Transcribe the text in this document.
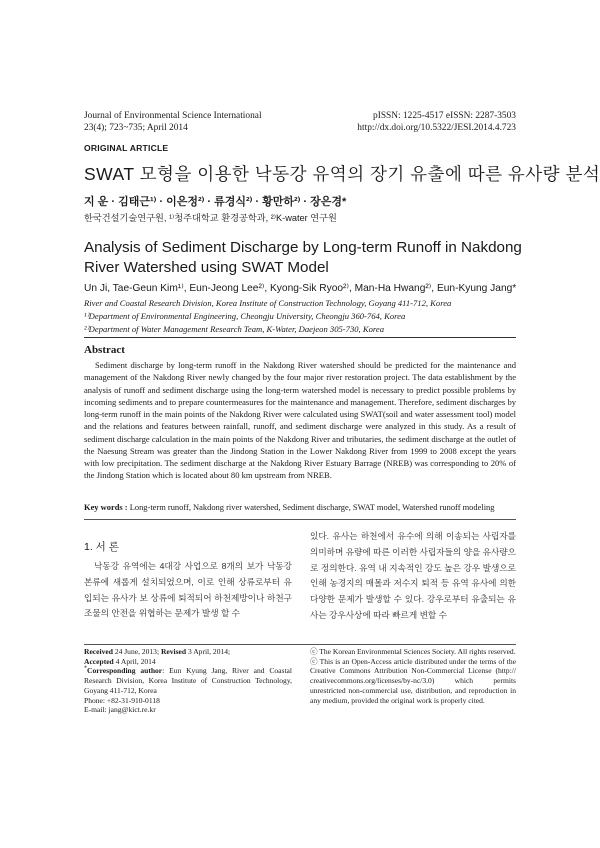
Journal of Environmental Science International
23(4); 723~735; April 2014
pISSN: 1225-4517 eISSN: 2287-3503
http://dx.doi.org/10.5322/JESI.2014.4.723
ORIGINAL ARTICLE
SWAT 모형을 이용한 낙동강 유역의 장기 유출에 따른 유사량 분석
지 운 · 김태근¹⁾ · 이은정²⁾ · 류경식²⁾ · 황만하²⁾ · 장은경*
한국건설기술연구원, ¹⁾청주대학교 환경공학과, ²⁾K-water 연구원
Analysis of Sediment Discharge by Long-term Runoff in Nakdong
River Watershed using SWAT Model
Un Ji, Tae-Geun Kim¹⁾, Eun-Jeong Lee²⁾, Kyong-Sik Ryoo²⁾, Man-Ha Hwang²⁾, Eun-Kyung Jang*
River and Coastal Research Division, Korea Institute of Construction Technology, Goyang 411-712, Korea
¹⁾Department of Environmental Engineering, Cheongju University, Cheongju 360-764, Korea
²⁾Department of Water Management Research Team, K-Water, Daejeon 305-730, Korea
Abstract
Sediment discharge by long-term runoff in the Nakdong River watershed should be predicted for the maintenance and management of the Nakdong River newly changed by the four major river restoration project. The data establishment by the analysis of runoff and sediment discharge using the long-term watershed model is necessary to predict possible problems by incoming sediments and to prepare countermeasures for the maintenance and management. Therefore, sediment discharges by long-term runoff in the main points of the Nakdong River were calculated using SWAT(soil and water assessment tool) model and the relations and features between rainfall, runoff, and sediment discharge were analyzed in this study. As a result of sediment discharge calculation in the main points of the Nakdong River and tributaries, the sediment discharge at the outlet of the Naesung Stream was greater than the Jindong Station in the Lower Nakdong River from 1999 to 2008 except the years with low precipitation. The sediment discharge at the Nakdong River Estuary Barrage (NREB) was corresponding to 20% of the Jindong Station which is located about 80 km upstream from NREB.
Key words : Long-term runoff, Nakdong river watershed, Sediment discharge, SWAT model, Watershed runoff modeling
1. 서 론
낙동강 유역에는 4대강 사업으로 8개의 보가 낙동강 본류에 새롭게 설치되었으며, 이로 인해 상류로부터 유입되는 유사가 보 상류에 퇴적되어 하천제방이나 하천구조물의 안전을 위협하는 문제가 발생 할 수
있다. 유사는 하천에서 유수에 의해 이송되는 사립자를 의미하며 유량에 따른 이러한 사립자들의 양을 유사량으로 정의한다. 유역 내 지속적인 강도 높은 강우 발생으로 인해 농경지의 매몰과 저수지 퇴적 등 유역 유사에 의한 다양한 문제가 발생할 수 있다. 강우로부터 유출되는 유사는 강우사상에 따라 빠르게 변할 수
Received 24 June, 2013; Revised 3 April, 2014;
Accepted 4 April, 2014
*Corresponding author: Eun Kyung Jang, River and Coastal Research Division, Korea Institute of Construction Technology, Goyang 411-712, Korea
Phone: +82-31-910-0118
E-mail: jang@kict.re.kr
ⓒ The Korean Environmental Sciences Society. All rights reserved.
ⓒ This is an Open-Access article distributed under the terms of the Creative Commons Attribution Non-Commercial License (http:// creativecommons.org/licenses/by-nc/3.0) which permits unrestricted non-commercial use, distribution, and reproduction in any medium, provided the original work is properly cited.
